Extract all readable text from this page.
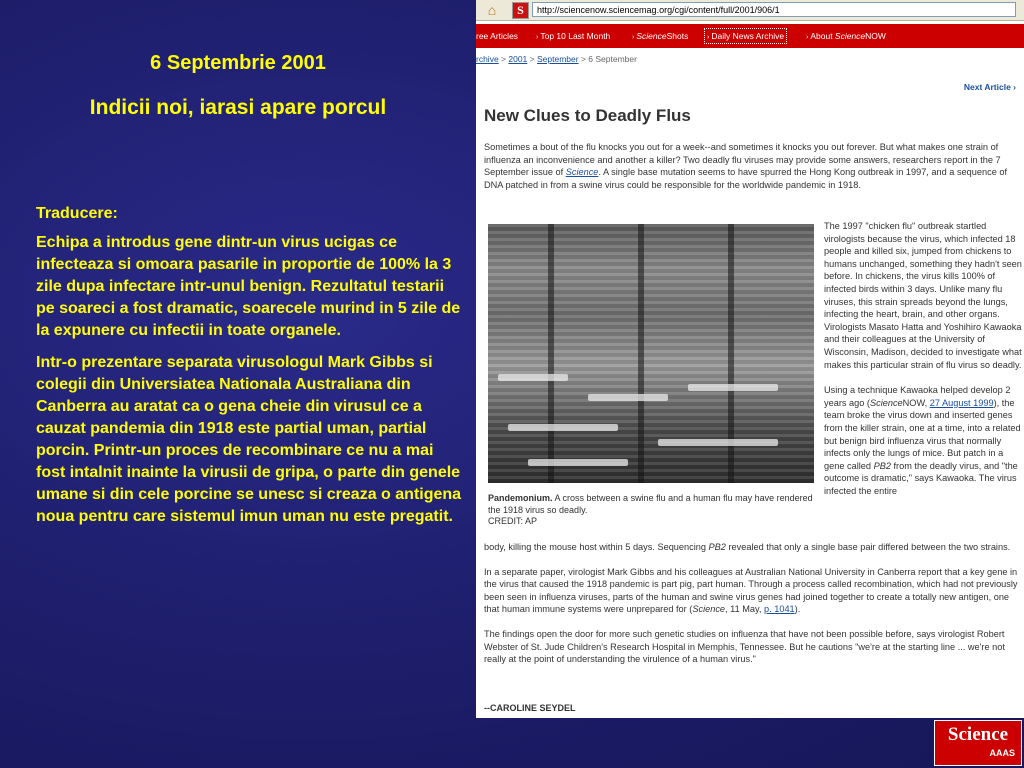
6 Septembrie 2001
Indicii noi, iarasi apare porcul

Traducere:

Echipa a introdus gene dintr-un virus ucigas ce infecteaza si omoara pasarile in proportie de 100% la 3 zile dupa infectare intr-unul benign. Rezultatul testarii pe soareci a fost dramatic, soarecele murind in 5 zile de la expunere cu infectii in toate organele.

Intr-o prezentare separata virusologul Mark Gibbs si colegii din Universiatea Nationala Australiana din Canberra au aratat ca o gena cheie din virusul ce a cauzat pandemia din 1918 este partial uman, partial porcin. Printr-un proces de recombinare ce nu a mai fost intalnit inainte la virusii de gripa, o parte din genele umane si din cele porcine se unesc si creaza o antigena noua pentru care sistemul imun uman nu este pregatit.

⌂	S	http://sciencenow.sciencemag.org/cgi/content/full/2001/906/1
ree Articles	› Top 10 Last Month	› ScienceShots	› Daily News Archive	› About ScienceNOW
rchive > 2001 > September > 6 September
Next Article ›
New Clues to Deadly Flus
Sometimes a bout of the flu knocks you out for a week--and sometimes it knocks you out forever. But what makes one strain of influenza an inconvenience and another a killer? Two deadly flu viruses may provide some answers, researchers report in the 7 September issue of Science. A single base mutation seems to have spurred the Hong Kong outbreak in 1997, and a sequence of DNA patched in from a swine virus could be responsible for the worldwide pandemic in 1918.
The 1997 "chicken flu" outbreak startled virologists because the virus, which infected 18 people and killed six, jumped from chickens to humans unchanged, something they hadn't seen before. In chickens, the virus kills 100% of infected birds within 3 days. Unlike many flu viruses, this strain spreads beyond the lungs, infecting the heart, brain, and other organs. Virologists Masato Hatta and Yoshihiro Kawaoka and their colleagues at the University of Wisconsin, Madison, decided to investigate what makes this particular strain of flu virus so deadly.
Using a technique Kawaoka helped develop 2 years ago (ScienceNOW, 27 August 1999), the team broke the virus down and inserted genes from the killer strain, one at a time, into a related but benign bird influenza virus that normally infects only the lungs of mice. But patch in a gene called PB2 from the deadly virus, and "the outcome is dramatic," says Kawaoka. The virus infected the entire
Pandemonium. A cross between a swine flu and a human flu may have rendered the 1918 virus so deadly.
CREDIT: AP
body, killing the mouse host within 5 days. Sequencing PB2 revealed that only a single base pair differed between the two strains.
In a separate paper, virologist Mark Gibbs and his colleagues at Australian National University in Canberra report that a key gene in the virus that caused the 1918 pandemic is part pig, part human. Through a process called recombination, which had not previously been seen in influenza viruses, parts of the human and swine virus genes had joined together to create a totally new antigen, one that human immune systems were unprepared for (Science, 11 May, p. 1041).
The findings open the door for more such genetic studies on influenza that have not been possible before, says virologist Robert Webster of St. Jude Children's Research Hospital in Memphis, Tennessee. But he cautions "we're at the starting line ... we're not really at the point of understanding the virulence of a human virus."
--CAROLINE SEYDEL
Science
AAAS
